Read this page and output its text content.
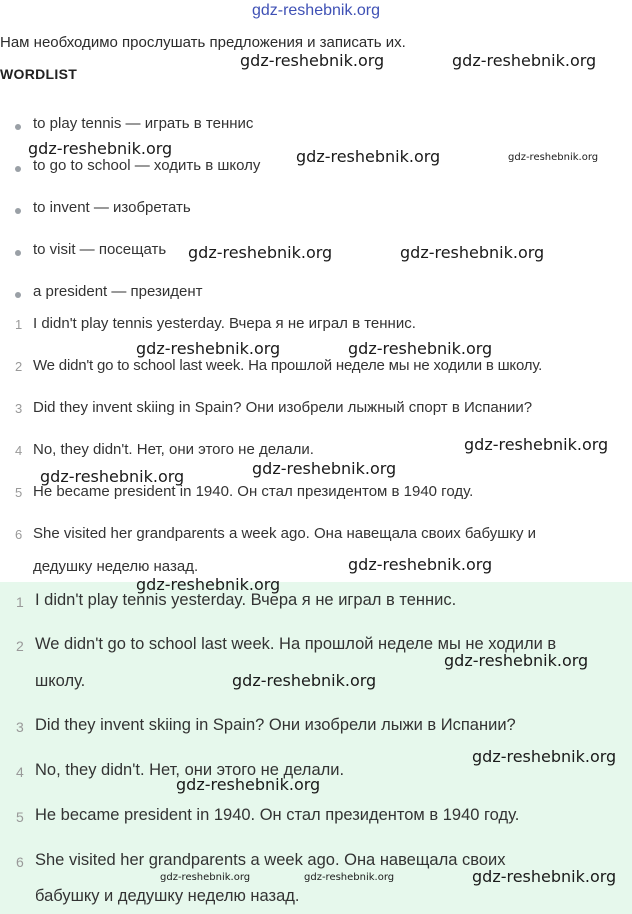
gdz-reshebnik.org
Нам необходимо прослушать предложения и записать их.
WORDLIST
to play tennis — играть в теннис
to go to school — ходить в школу
to invent — изобретать
to visit — посещать
a president — президент
1 I didn't play tennis yesterday. Вчера я не играл в теннис.
2 We didn't go to school last week. На прошлой неделе мы не ходили в школу.
3 Did they invent skiing in Spain? Они изобрели лыжный спорт в Испании?
4 No, they didn't. Нет, они этого не делали.
5 He became president in 1940. Он стал президентом в 1940 году.
6 She visited her grandparents a week ago. Она навещала своих бабушку и
дедушку неделю назад.
1 I didn't play tennis yesterday. Вчера я не играл в теннис.
2 We didn't go to school last week. На прошлой неделе мы не ходили в
школу.
3 Did they invent skiing in Spain? Они изобрели лыжи в Испании?
4 No, they didn't. Нет, они этого не делали.
5 He became president in 1940. Он стал президентом в 1940 году.
6 She visited her grandparents a week ago. Она навещала своих
бабушку и дедушку неделю назад.
gdz-reshebnik.org	gdz-reshebnik.org
gdz-reshebnik.org	gdz-reshebnik.org	gdz-reshebnik.org
gdz-reshebnik.org	gdz-reshebnik.org
gdz-reshebnik.org	gdz-reshebnik.org
gdz-reshebnik.org
gdz-reshebnik.org
gdz-reshebnik.org
gdz-reshebnik.org
gdz-reshebnik.org
gdz-reshebnik.org
gdz-reshebnik.org
gdz-reshebnik.org
gdz-reshebnik.org
gdz-reshebnik.org
gdz-reshebnik.org	gdz-reshebnik.org
